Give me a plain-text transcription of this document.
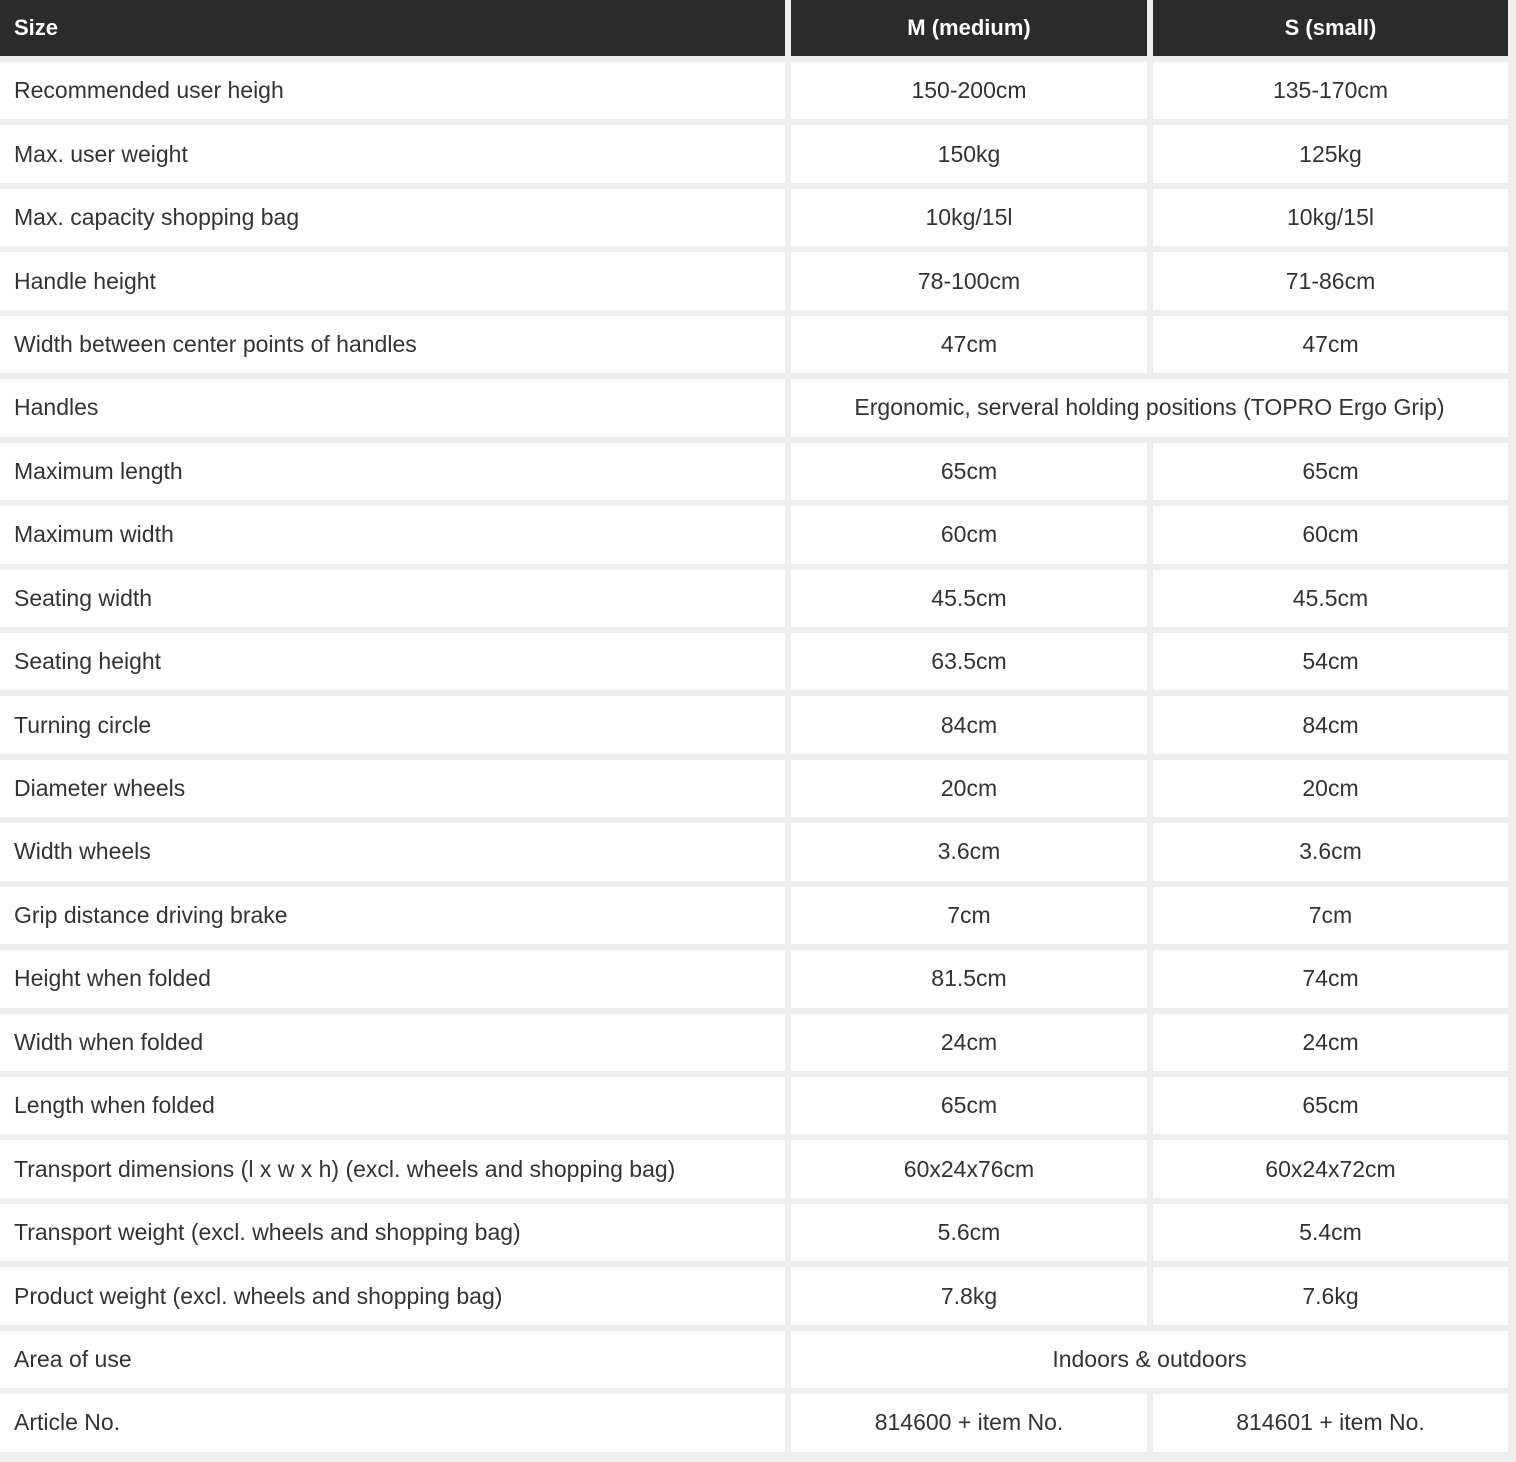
Size	M (medium)	S (small)
Recommended user heigh	150-200cm	135-170cm
Max. user weight	150kg	125kg
Max. capacity shopping bag	10kg/15l	10kg/15l
Handle height	78-100cm	71-86cm
Width between center points of handles	47cm	47cm
Handles	Ergonomic, serveral holding positions (TOPRO Ergo Grip)
Maximum length	65cm	65cm
Maximum width	60cm	60cm
Seating width	45.5cm	45.5cm
Seating height	63.5cm	54cm
Turning circle	84cm	84cm
Diameter wheels	20cm	20cm
Width wheels	3.6cm	3.6cm
Grip distance driving brake	7cm	7cm
Height when folded	81.5cm	74cm
Width when folded	24cm	24cm
Length when folded	65cm	65cm
Transport dimensions (l x w x h) (excl. wheels and shopping bag)	60x24x76cm	60x24x72cm
Transport weight (excl. wheels and shopping bag)	5.6cm	5.4cm
Product weight (excl. wheels and shopping bag)	7.8kg	7.6kg
Area of use	Indoors & outdoors
Article No.	814600 + item No.	814601 + item No.
